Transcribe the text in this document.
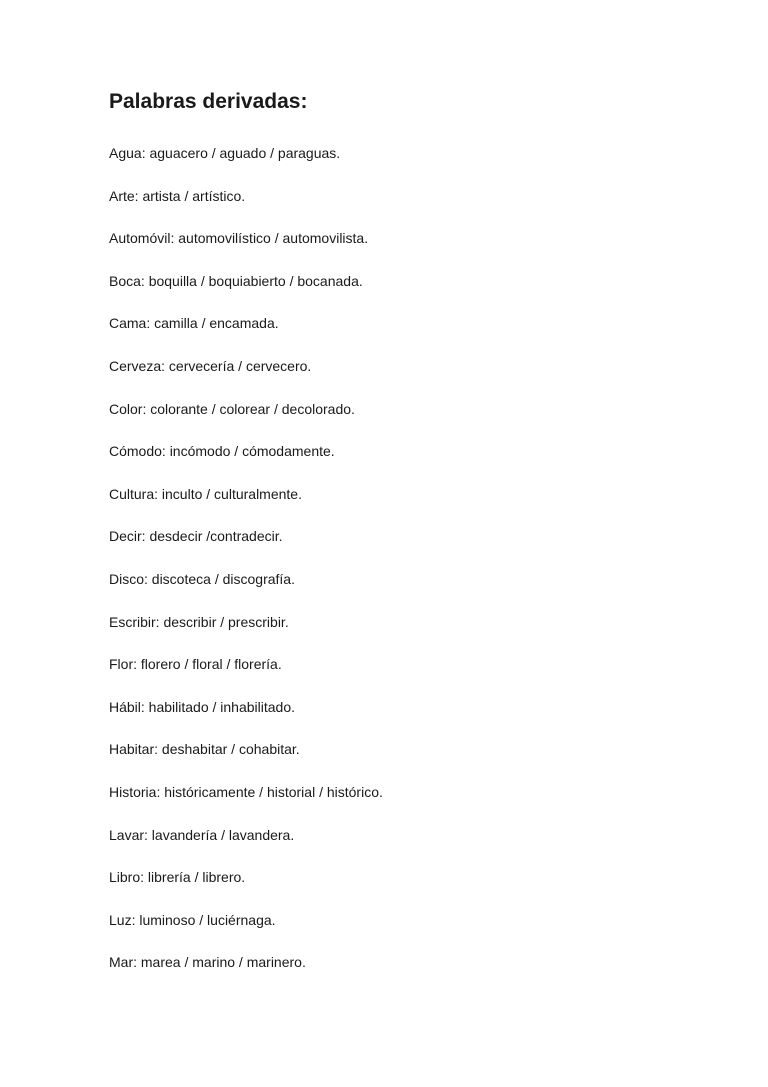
Palabras derivadas:
Agua: aguacero / aguado / paraguas.
Arte: artista / artístico.
Automóvil: automovilístico / automovilista.
Boca: boquilla / boquiabierto / bocanada.
Cama: camilla / encamada.
Cerveza: cervecería / cervecero.
Color: colorante / colorear / decolorado.
Cómodo: incómodo / cómodamente.
Cultura: inculto / culturalmente.
Decir: desdecir /contradecir.
Disco: discoteca / discografía.
Escribir: describir / prescribir.
Flor: florero / floral / florería.
Hábil: habilitado / inhabilitado.
Habitar: deshabitar / cohabitar.
Historia: históricamente / historial / histórico.
Lavar: lavandería / lavandera.
Libro: librería / librero.
Luz: luminoso / luciérnaga.
Mar: marea / marino / marinero.
